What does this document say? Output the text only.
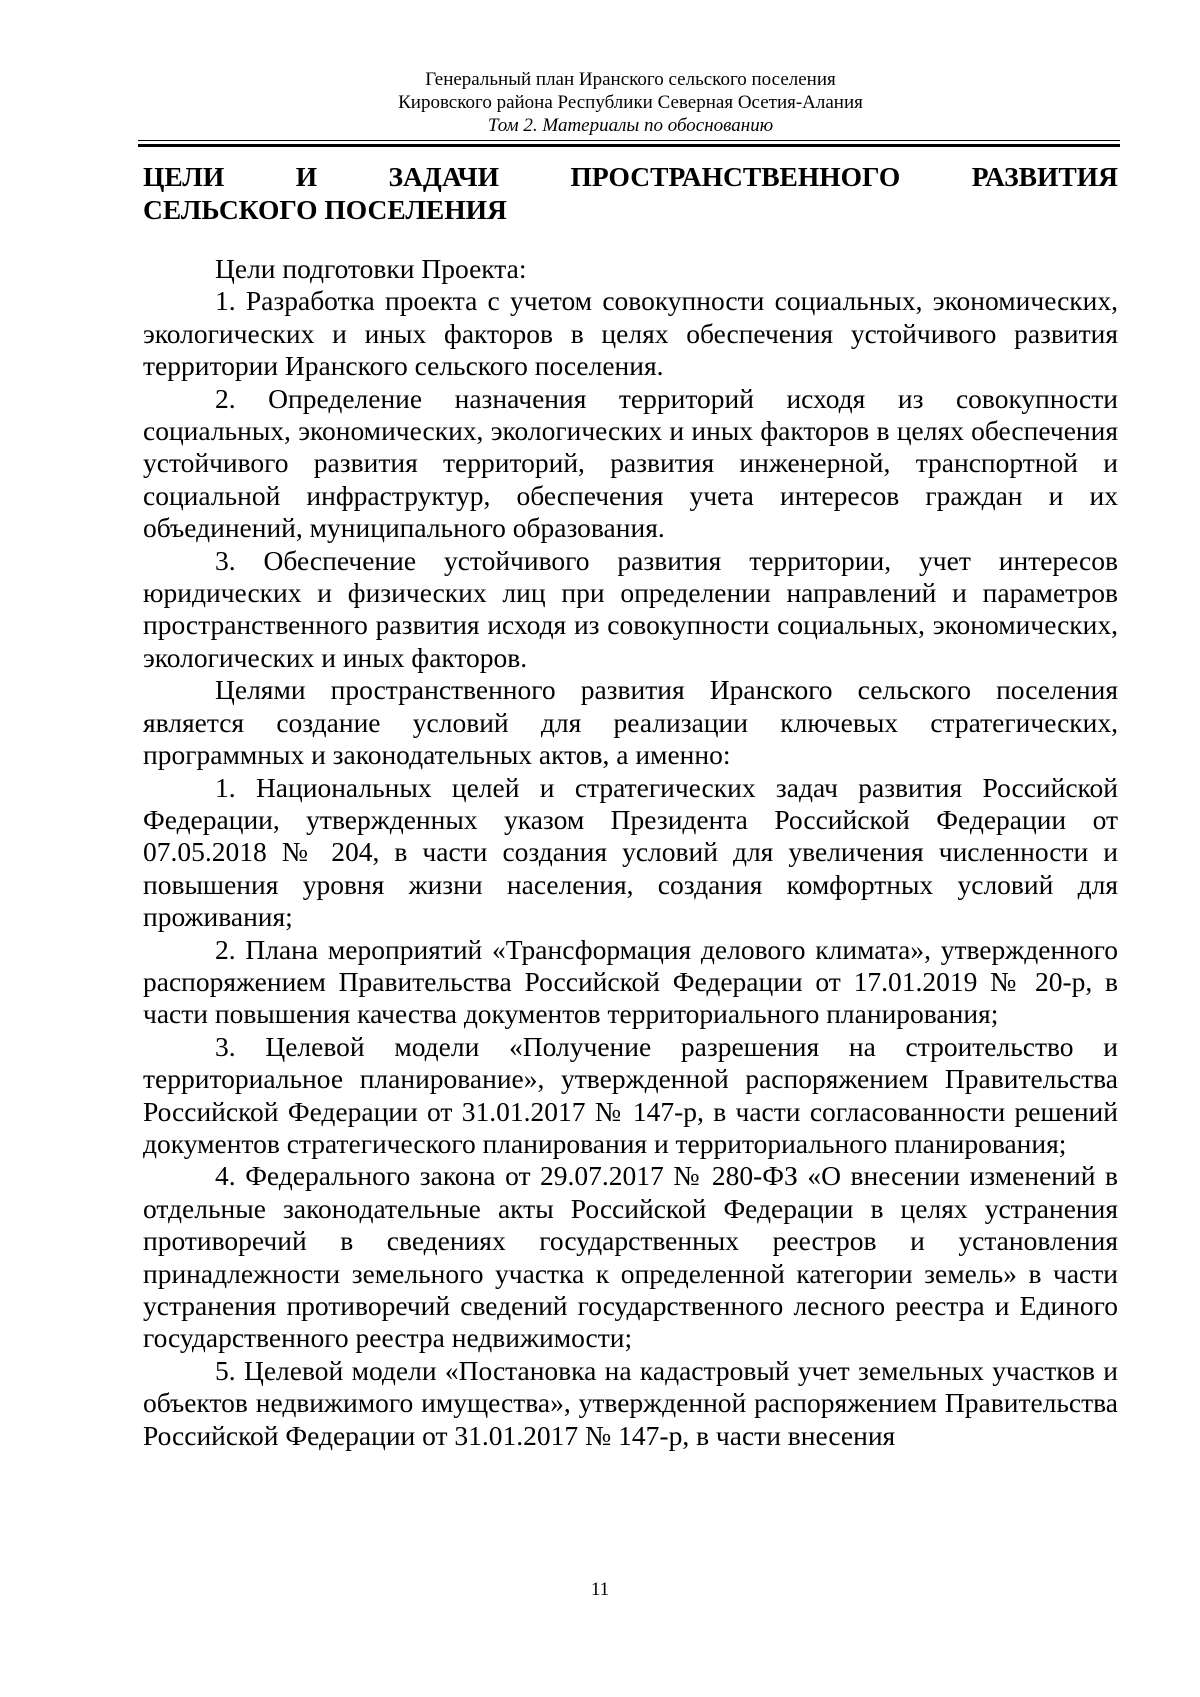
Генеральный план Иранского сельского поселения
Кировского района Республики Северная Осетия-Алания
Том 2. Материалы по обоснованию
ЦЕЛИ И ЗАДАЧИ ПРОСТРАНСТВЕННОГО РАЗВИТИЯ
СЕЛЬСКОГО ПОСЕЛЕНИЯ

Цели подготовки Проекта:

1. Разработка проекта с учетом совокупности социальных, экономических, экологических и иных факторов в целях обеспечения устойчивого развития территории Иранского сельского поселения.

2. Определение назначения территорий исходя из совокупности социальных, экономических, экологических и иных факторов в целях обеспечения устойчивого развития территорий, развития инженерной, транспортной и социальной инфраструктур, обеспечения учета интересов граждан и их объединений, муниципального образования.

3. Обеспечение устойчивого развития территории, учет интересов юридических и физических лиц при определении направлений и параметров пространственного развития исходя из совокупности социальных, экономических, экологических и иных факторов.

Целями пространственного развития Иранского сельского поселения является создание условий для реализации ключевых стратегических, программных и законодательных актов, а именно:

1. Национальных целей и стратегических задач развития Российской Федерации, утвержденных указом Президента Российской Федерации от 07.05.2018 № 204, в части создания условий для увеличения численности и повышения уровня жизни населения, создания комфортных условий для проживания;

2. Плана мероприятий «Трансформация делового климата», утвержденного распоряжением Правительства Российской Федерации от 17.01.2019 № 20-р, в части повышения качества документов территориального планирования;

3. Целевой модели «Получение разрешения на строительство и территориальное планирование», утвержденной распоряжением Правительства Российской Федерации от 31.01.2017 № 147-р, в части согласованности решений документов стратегического планирования и территориального планирования;

4. Федерального закона от 29.07.2017 № 280-ФЗ «О внесении изменений в отдельные законодательные акты Российской Федерации в целях устранения противоречий в сведениях государственных реестров и установления принадлежности земельного участка к определенной категории земель» в части устранения противоречий сведений государственного лесного реестра и Единого государственного реестра недвижимости;

5. Целевой модели «Постановка на кадастровый учет земельных участков и объектов недвижимого имущества», утвержденной распоряжением Правительства Российской Федерации от 31.01.2017 № 147-р, в части внесения

11
